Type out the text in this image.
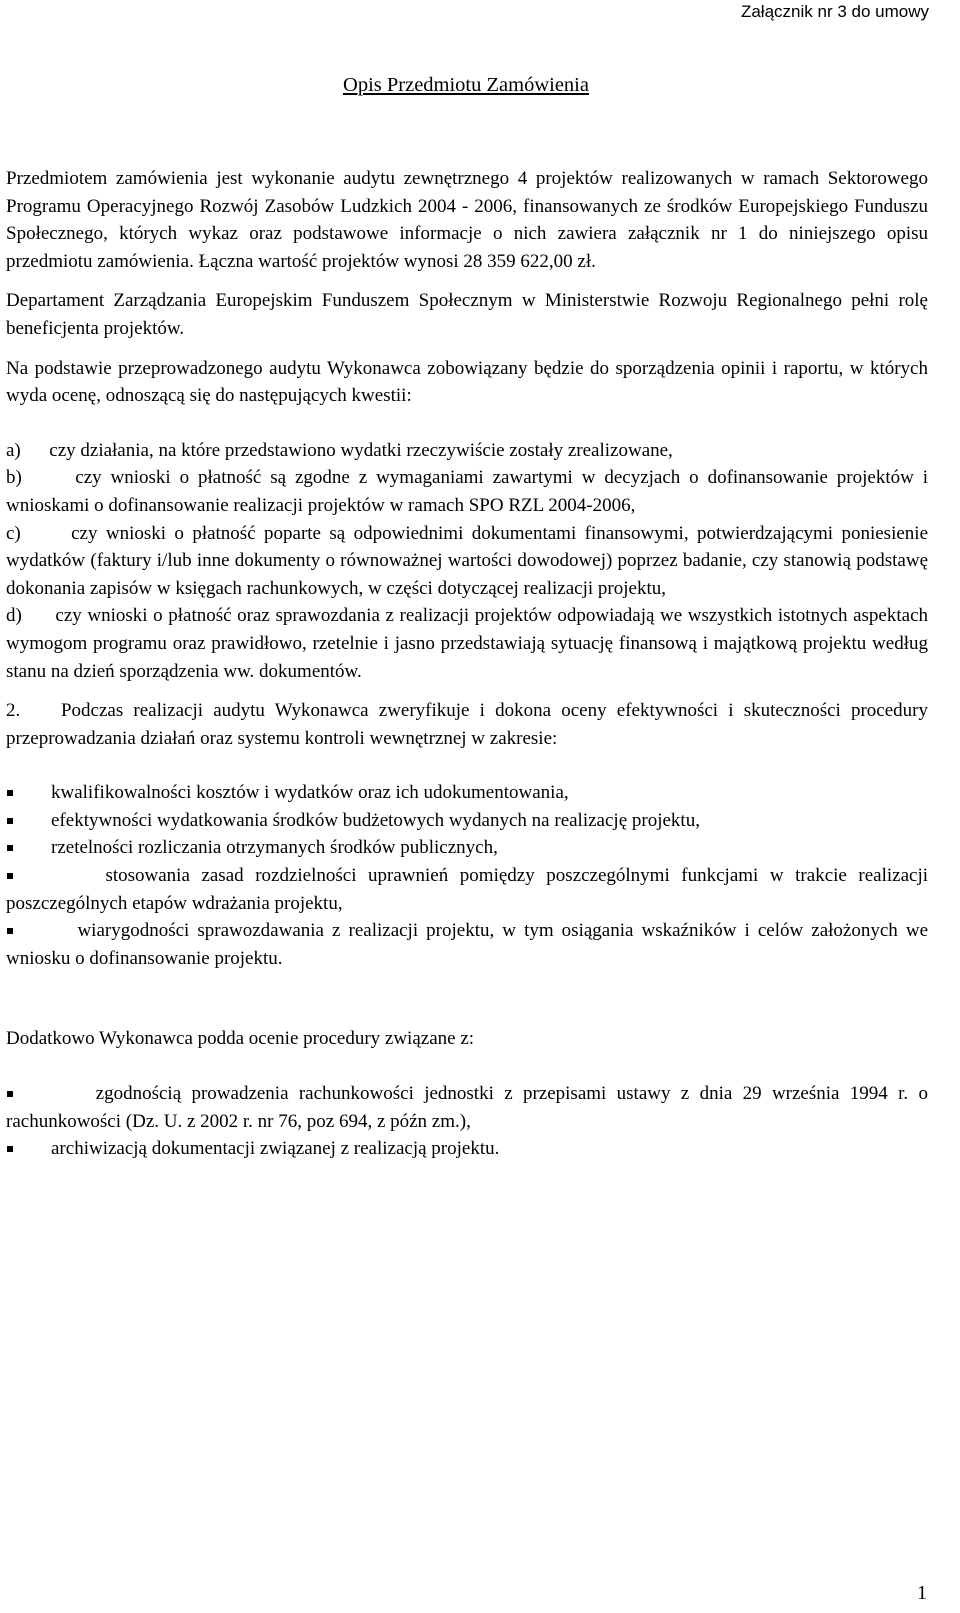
Załącznik nr 3 do umowy
Opis Przedmiotu Zamówienia

Przedmiotem zamówienia jest wykonanie audytu zewnętrznego 4 projektów realizowanych w ramach Sektorowego Programu Operacyjnego Rozwój Zasobów Ludzkich 2004 - 2006, finansowanych ze środków Europejskiego Funduszu Społecznego, których wykaz oraz podstawowe informacje o nich zawiera załącznik nr 1 do niniejszego opisu przedmiotu zamówienia. Łączna wartość projektów wynosi 28 359 622,00 zł.

Departament Zarządzania Europejskim Funduszem Społecznym w Ministerstwie Rozwoju Regionalnego pełni rolę beneficjenta projektów.

Na podstawie przeprowadzonego audytu Wykonawca zobowiązany będzie do sporządzenia opinii i raportu, w których wyda ocenę, odnoszącą się do następujących kwestii:

a) czy działania, na które przedstawiono wydatki rzeczywiście zostały zrealizowane,

b)	czy wnioski o płatność są zgodne z wymaganiami zawartymi w decyzjach o dofinansowanie projektów i wnioskami o dofinansowanie realizacji projektów w ramach SPO RZL 2004-2006,

c)	czy wnioski o płatność poparte są odpowiednimi dokumentami finansowymi, potwierdzającymi poniesienie wydatków (faktury i/lub inne dokumenty o równoważnej wartości dowodowej) poprzez badanie, czy stanowią podstawę dokonania zapisów w księgach rachunkowych, w części dotyczącej realizacji projektu,

d) czy wnioski o płatność oraz sprawozdania z realizacji projektów odpowiadają we wszystkich istotnych aspektach wymogom programu oraz prawidłowo, rzetelnie i jasno przedstawiają sytuację finansową i majątkową projektu według stanu na dzień sporządzenia ww. dokumentów.

2. Podczas realizacji audytu Wykonawca zweryfikuje i dokona oceny efektywności i skuteczności procedury przeprowadzania działań oraz systemu kontroli wewnętrznej w zakresie:

kwalifikowalności kosztów i wydatków oraz ich udokumentowania,

efektywności wydatkowania środków budżetowych wydanych na realizację projektu,

rzetelności rozliczania otrzymanych środków publicznych,

stosowania zasad rozdzielności uprawnień pomiędzy poszczególnymi funkcjami w trakcie realizacji poszczególnych etapów wdrażania projektu,

wiarygodności sprawozdawania z realizacji projektu, w tym osiągania wskaźników i celów założonych we wniosku o dofinansowanie projektu.

Dodatkowo Wykonawca podda ocenie procedury związane z:

zgodnością prowadzenia rachunkowości jednostki z przepisami ustawy z dnia 29 września 1994 r. o rachunkowości (Dz. U. z 2002 r. nr 76, poz 694, z późn zm.),

archiwizacją dokumentacji związanej z realizacją projektu.

1
